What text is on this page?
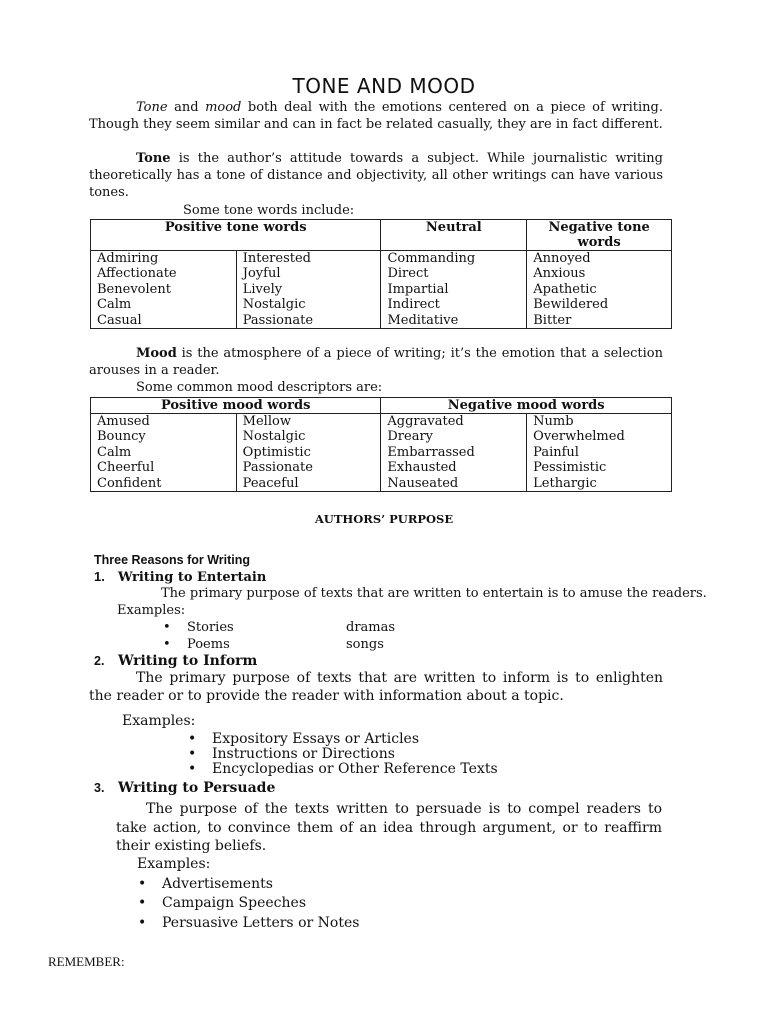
TONE AND MOOD
Tone and mood both deal with the emotions centered on a piece of writing. Though they seem similar and can in fact be related casually, they are in fact different.
Tone is the author’s attitude towards a subject. While journalistic writing theoretically has a tone of distance and objectivity, all other writings can have various tones.
Some tone words include:
Positive tone words		Neutral	Negative tone words
Admiring	Interested	Commanding	Annoyed
Affectionate	Joyful	Direct	Anxious
Benevolent	Lively	Impartial	Apathetic
Calm	Nostalgic	Indirect	Bewildered
Casual	Passionate	Meditative	Bitter
Mood is the atmosphere of a piece of writing; it’s the emotion that a selection arouses in a reader.
Some common mood descriptors are:
Positive mood words		Negative mood words	
Amused	Mellow	Aggravated	Numb
Bouncy	Nostalgic	Dreary	Overwhelmed
Calm	Optimistic	Embarrassed	Painful
Cheerful	Passionate	Exhausted	Pessimistic
Confident	Peaceful	Nauseated	Lethargic
AUTHORS’ PURPOSE
Three Reasons for Writing
1. Writing to Entertain
The primary purpose of texts that are written to entertain is to amuse the readers.
Examples:
• Stories	dramas
• Poems	songs
2. Writing to Inform
The primary purpose of texts that are written to inform is to enlighten the reader or to provide the reader with information about a topic.
Examples:
• Expository Essays or Articles
• Instructions or Directions
• Encyclopedias or Other Reference Texts
3. Writing to Persuade
The purpose of the texts written to persuade is to compel readers to take action, to convince them of an idea through argument, or to reaffirm their existing beliefs.
Examples:
• Advertisements
• Campaign Speeches
• Persuasive Letters or Notes
REMEMBER:
